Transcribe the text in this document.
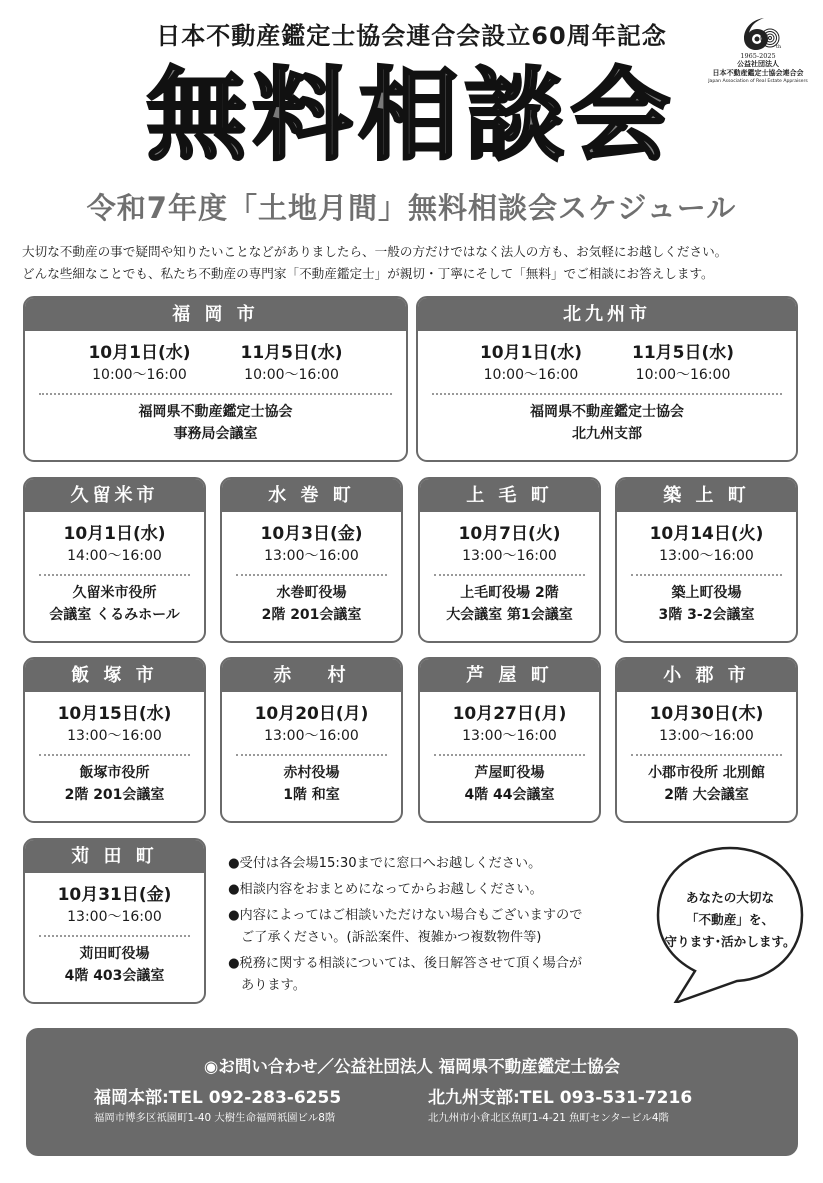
日本不動産鑑定士協会連合会設立60周年記念	th
1965-2025
公益社団法人
日本不動産鑑定士協会連合会
Japan Association of Real Estate Appraisers
無料相談会
令和7年度「土地月間」無料相談会スケジュール
大切な不動産の事で疑問や知りたいことなどがありましたら、一般の方だけではなく法人の方も、お気軽にお越しください。
どんな些細なことでも、私たち不動産の専門家「不動産鑑定士」が親切・丁寧にそして「無料」でご相談にお答えします。
福 岡 市
10月1日(水)
10:00～16:00
11月5日(水)
10:00～16:00
福岡県不動産鑑定士協会
事務局会議室
北九州市
10月1日(水)
10:00～16:00
11月5日(水)
10:00～16:00
福岡県不動産鑑定士協会
北九州支部
久留米市
10月1日(水)
14:00～16:00
久留米市役所
会議室 くるみホール
水 巻 町
10月3日(金)
13:00～16:00
水巻町役場
2階 201会議室
上 毛 町
10月7日(火)
13:00～16:00
上毛町役場 2階
大会議室 第1会議室
築 上 町
10月14日(火)
13:00～16:00
築上町役場
3階 3-2会議室
飯 塚 市
10月15日(水)
13:00～16:00
飯塚市役所
2階 201会議室
赤　 村
10月20日(月)
13:00～16:00
赤村役場
1階 和室
芦 屋 町
10月27日(月)
13:00～16:00
芦屋町役場
4階 44会議室
小 郡 市
10月30日(木)
13:00～16:00
小郡市役所 北別館
2階 大会議室
苅 田 町
10月31日(金)
13:00～16:00
苅田町役場
4階 403会議室
●受付は各会場15:30までに窓口へお越しください。
●相談内容をおまとめになってからお越しください。
●内容によってはご相談いただけない場合もございますので
ご了承ください。(訴訟案件、複雑かつ複数物件等)
●税務に関する相談については、後日解答させて頂く場合が
あります。
あなたの大切な
「不動産」を、
守ります･活かします。
◉お問い合わせ／公益社団法人 福岡県不動産鑑定士協会
福岡本部:TEL 092-283-6255
福岡市博多区祇園町1-40 大樹生命福岡祇園ビル8階
北九州支部:TEL 093-531-7216
北九州市小倉北区魚町1-4-21 魚町センタービル4階
